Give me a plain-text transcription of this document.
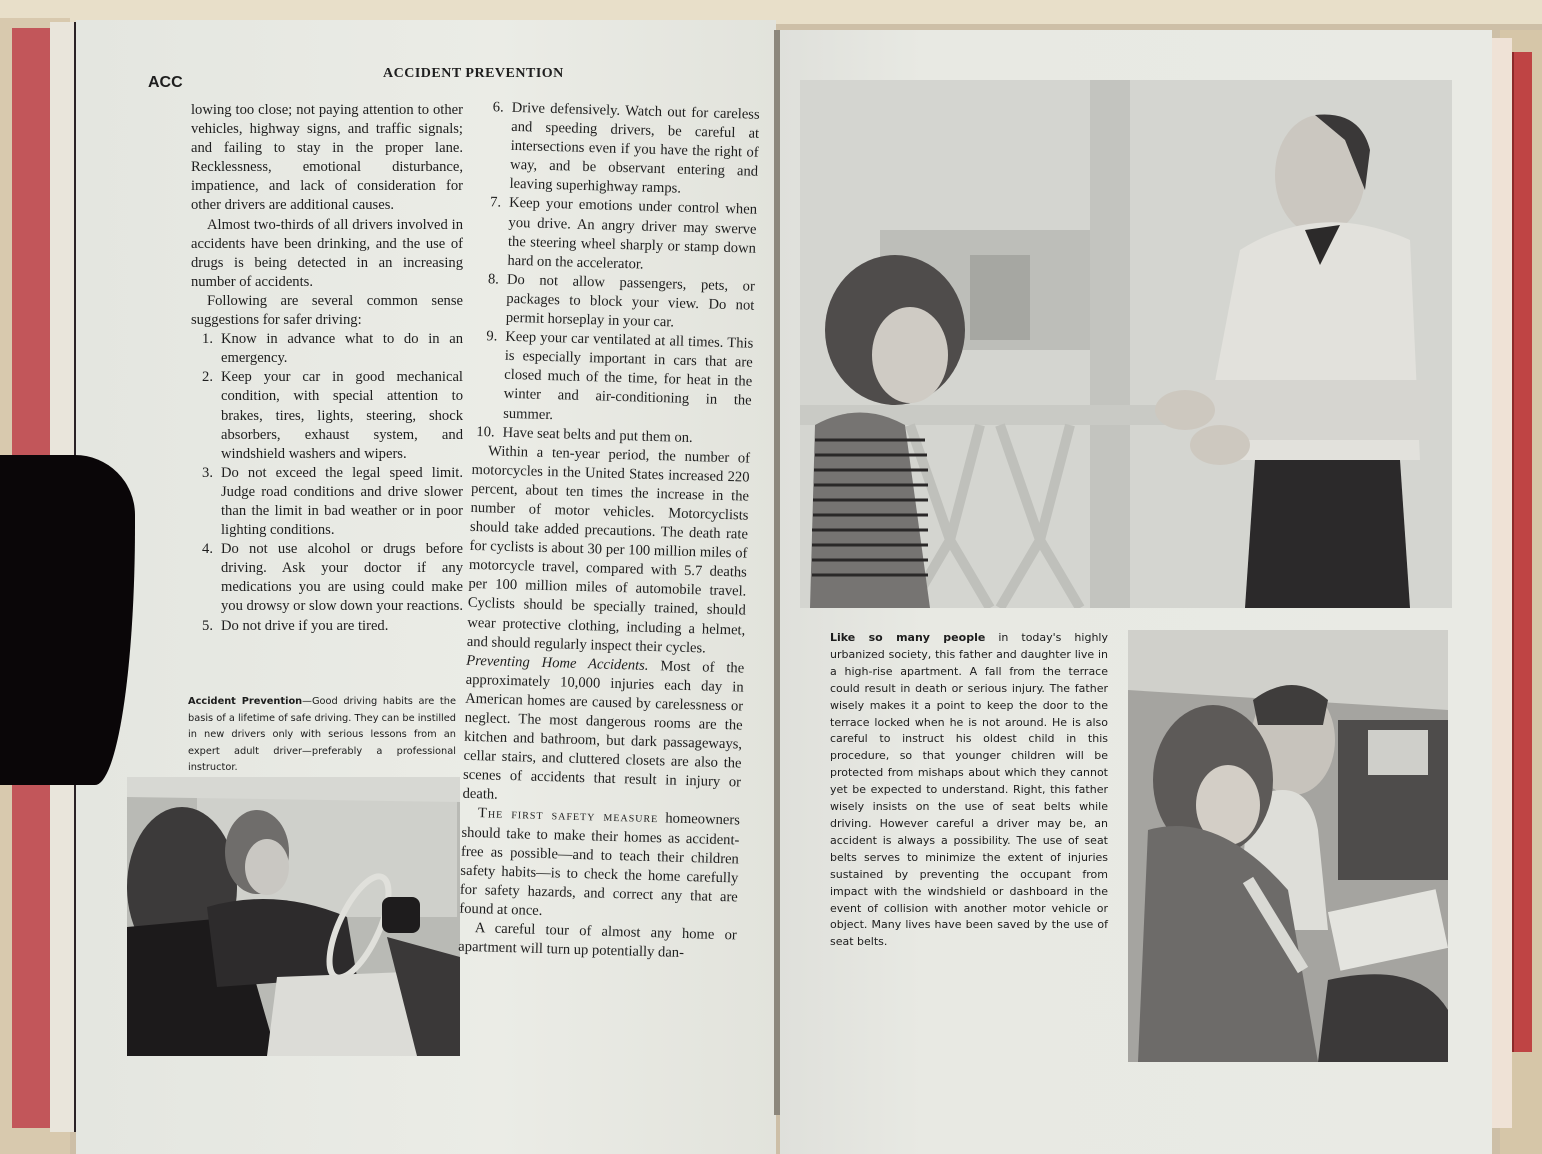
ACC
ACCIDENT PREVENTION

lowing too close; not paying attention to other vehicles, highway signs, and traffic signals; and failing to stay in the proper lane. Recklessness, emotional disturbance, impatience, and lack of consideration for other drivers are additional causes.

Almost two-thirds of all drivers involved in accidents have been drinking, and the use of drugs is being detected in an increasing number of accidents.

Following are several common sense suggestions for safer driving:

1. Know in advance what to do in an emergency.
2. Keep your car in good mechanical condition, with special attention to brakes, tires, lights, steering, shock absorbers, exhaust system, and windshield washers and wipers.
3. Do not exceed the legal speed limit. Judge road conditions and drive slower than the limit in bad weather or in poor lighting conditions.
4. Do not use alcohol or drugs before driving. Ask your doctor if any medications you are using could make you drowsy or slow down your reactions.
5. Do not drive if you are tired.
Accident Prevention—Good driving habits are the basis of a lifetime of safe driving. They can be instilled in new drivers only with serious lessons from an expert adult driver—preferably a professional instructor.
6. Drive defensively. Watch out for careless and speeding drivers, be careful at intersections even if you have the right of way, and be observant entering and leaving superhighway ramps.
7. Keep your emotions under control when you drive. An angry driver may swerve the steering wheel sharply or stamp down hard on the accelerator.
8. Do not allow passengers, pets, or packages to block your view. Do not permit horseplay in your car.
9. Keep your car ventilated at all times. This is especially important in cars that are closed much of the time, for heat in the winter and air-conditioning in the summer.
10. Have seat belts and put them on.

Within a ten-year period, the number of motorcycles in the United States increased 220 percent, about ten times the increase in the number of motor vehicles. Motorcyclists should take added precautions. The death rate for cyclists is about 30 per 100 million miles of motorcycle travel, compared with 5.7 deaths per 100 million miles of automobile travel. Cyclists should be specially trained, should wear protective clothing, including a helmet, and should regularly inspect their cycles.

Preventing Home Accidents. Most of the approximately 10,000 injuries each day in American homes are caused by carelessness or neglect. The most dangerous rooms are the kitchen and bathroom, but dark passageways, cellar stairs, and cluttered closets are also the scenes of accidents that result in injury or death.

The first safety measure homeowners should take to make their homes as accident-free as possible—and to teach their children safety habits—is to check the home carefully for safety hazards, and correct any that are found at once.

A careful tour of almost any home or apartment will turn up potentially dan-

Like so many people in today's highly urbanized society, this father and daughter live in a high-rise apartment. A fall from the terrace could result in death or serious injury. The father wisely makes it a point to keep the door to the terrace locked when he is not around. He is also careful to instruct his oldest child in this procedure, so that younger children will be protected from mishaps about which they cannot yet be expected to understand. Right, this father wisely insists on the use of seat belts while driving. However careful a driver may be, an accident is always a possibility. The use of seat belts serves to minimize the extent of injuries sustained by preventing the occupant from impact with the windshield or dashboard in the event of collision with another motor vehicle or object. Many lives have been saved by the use of seat belts.
